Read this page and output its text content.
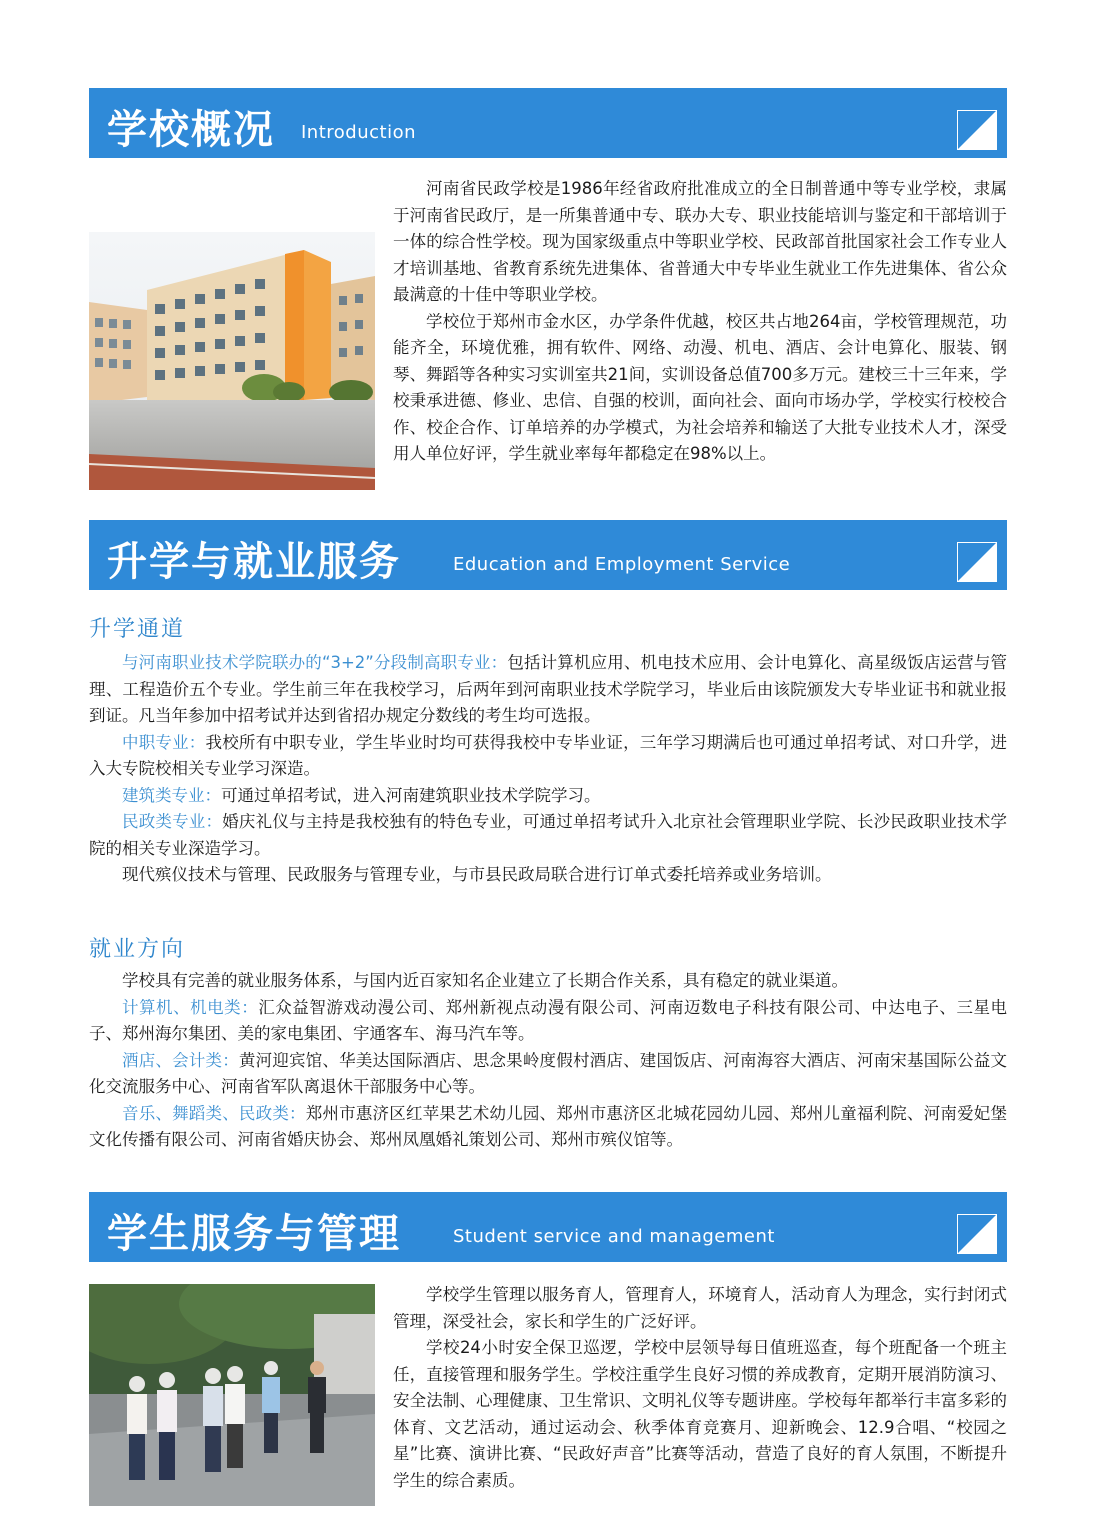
学校概况 Introduction

河南省民政学校是1986年经省政府批准成立的全日制普通中等专业学校，隶属于河南省民政厅，是一所集普通中专、联办大专、职业技能培训与鉴定和干部培训于一体的综合性学校。现为国家级重点中等职业学校、民政部首批国家社会工作专业人才培训基地、省教育系统先进集体、省普通大中专毕业生就业工作先进集体、省公众最满意的十佳中等职业学校。

学校位于郑州市金水区，办学条件优越，校区共占地264亩，学校管理规范，功能齐全，环境优雅，拥有软件、网络、动漫、机电、酒店、会计电算化、服装、钢琴、舞蹈等各种实习实训室共21间，实训设备总值700多万元。建校三十三年来，学校秉承进德、修业、忠信、自强的校训，面向社会、面向市场办学，学校实行校校合作、校企合作、订单培养的办学模式，为社会培养和输送了大批专业技术人才，深受用人单位好评，学生就业率每年都稳定在98%以上。

升学与就业服务	Education and Employment Service
升学通道

与河南职业技术学院联办的“3+2”分段制高职专业：包括计算机应用、机电技术应用、会计电算化、高星级饭店运营与管理、工程造价五个专业。学生前三年在我校学习，后两年到河南职业技术学院学习，毕业后由该院颁发大专毕业证书和就业报到证。凡当年参加中招考试并达到省招办规定分数线的考生均可选报。

中职专业：我校所有中职专业，学生毕业时均可获得我校中专毕业证，三年学习期满后也可通过单招考试、对口升学，进入大专院校相关专业学习深造。

建筑类专业：可通过单招考试，进入河南建筑职业技术学院学习。

民政类专业：婚庆礼仪与主持是我校独有的特色专业，可通过单招考试升入北京社会管理职业学院、长沙民政职业技术学院的相关专业深造学习。

现代殡仪技术与管理、民政服务与管理专业，与市县民政局联合进行订单式委托培养或业务培训。

就业方向

学校具有完善的就业服务体系，与国内近百家知名企业建立了长期合作关系，具有稳定的就业渠道。

计算机、机电类：汇众益智游戏动漫公司、郑州新视点动漫有限公司、河南迈数电子科技有限公司、中达电子、三星电子、郑州海尔集团、美的家电集团、宇通客车、海马汽车等。

酒店、会计类：黄河迎宾馆、华美达国际酒店、思念果岭度假村酒店、建国饭店、河南海容大酒店、河南宋基国际公益文化交流服务中心、河南省军队离退休干部服务中心等。

音乐、舞蹈类、民政类：郑州市惠济区红苹果艺术幼儿园、郑州市惠济区北城花园幼儿园、郑州儿童福利院、河南爱妃堡文化传播有限公司、河南省婚庆协会、郑州凤凰婚礼策划公司、郑州市殡仪馆等。

学生服务与管理	Student service and management

学校学生管理以服务育人，管理育人，环境育人，活动育人为理念，实行封闭式管理，深受社会，家长和学生的广泛好评。

学校24小时安全保卫巡逻，学校中层领导每日值班巡查，每个班配备一个班主任，直接管理和服务学生。学校注重学生良好习惯的养成教育，定期开展消防演习、安全法制、心理健康、卫生常识、文明礼仪等专题讲座。学校每年都举行丰富多彩的体育、文艺活动，通过运动会、秋季体育竞赛月、迎新晚会、12.9合唱、“校园之星”比赛、演讲比赛、“民政好声音”比赛等活动，营造了良好的育人氛围，不断提升学生的综合素质。
